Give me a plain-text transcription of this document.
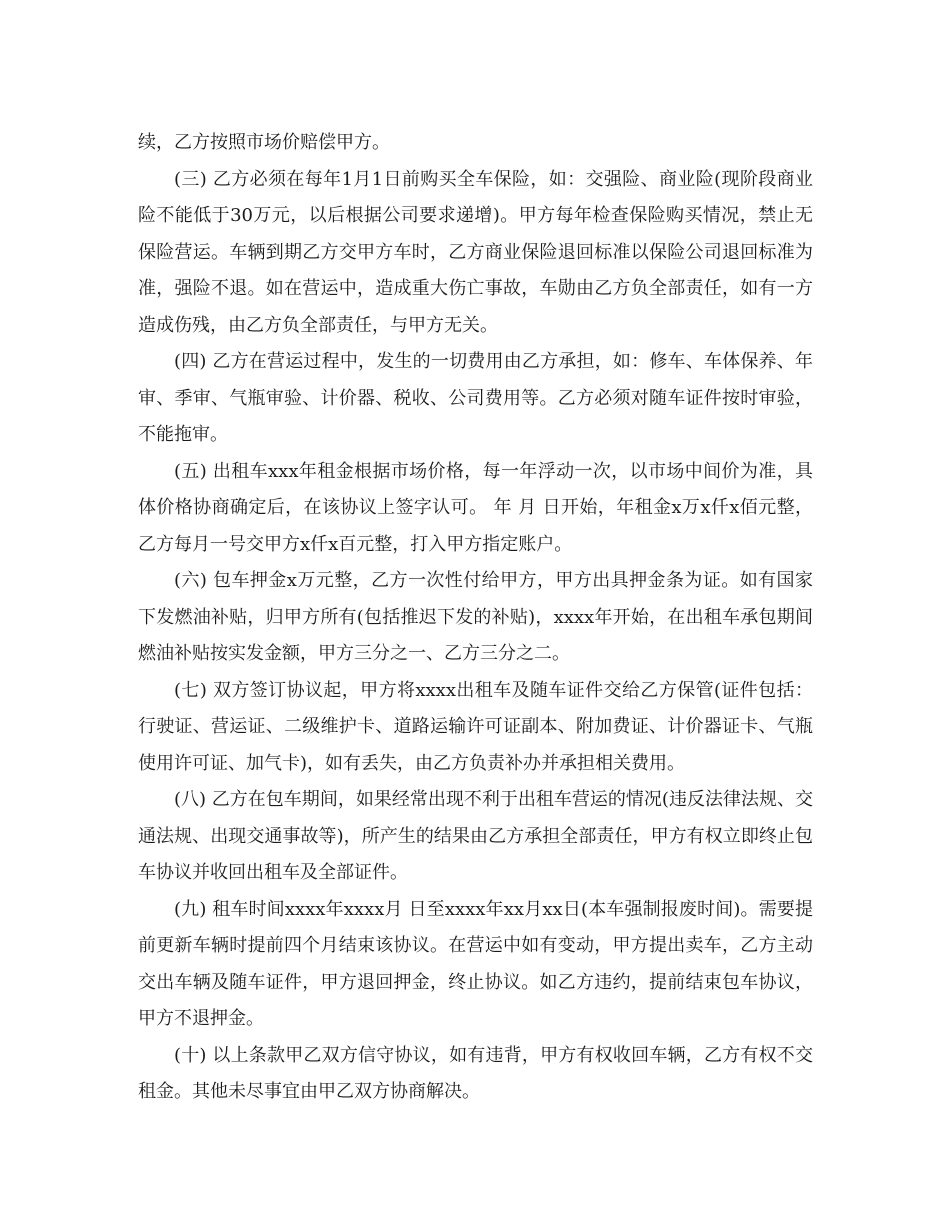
续，乙方按照市场价赔偿甲方。

(三) 乙方必须在每年1月1日前购买全车保险，如：交强险、商业险(现阶段商业险不能低于30万元，以后根据公司要求递增)。甲方每年检查保险购买情况，禁止无保险营运。车辆到期乙方交甲方车时，乙方商业保险退回标准以保险公司退回标准为准，强险不退。如在营运中，造成重大伤亡事故，车勋由乙方负全部责任，如有一方造成伤残，由乙方负全部责任，与甲方无关。

(四) 乙方在营运过程中，发生的一切费用由乙方承担，如：修车、车体保养、年审、季审、气瓶审验、计价器、税收、公司费用等。乙方必须对随车证件按时审验，不能拖审。

(五) 出租车xxx年租金根据市场价格，每一年浮动一次，以市场中间价为准，具体价格协商确定后，在该协议上签字认可。 年 月 日开始，年租金x万x仟x佰元整，乙方每月一号交甲方x仟x百元整，打入甲方指定账户。

(六) 包车押金x万元整，乙方一次性付给甲方，甲方出具押金条为证。如有国家下发燃油补贴，归甲方所有(包括推迟下发的补贴)，xxxx年开始，在出租车承包期间燃油补贴按实发金额，甲方三分之一、乙方三分之二。

(七) 双方签订协议起，甲方将xxxx出租车及随车证件交给乙方保管(证件包括：行驶证、营运证、二级维护卡、道路运输许可证副本、附加费证、计价器证卡、气瓶使用许可证、加气卡)，如有丢失，由乙方负责补办并承担相关费用。

(八) 乙方在包车期间，如果经常出现不利于出租车营运的情况(违反法律法规、交通法规、出现交通事故等)，所产生的结果由乙方承担全部责任，甲方有权立即终止包车协议并收回出租车及全部证件。

(九) 租车时间xxxx年xxxx月 日至xxxx年xx月xx日(本车强制报废时间)。需要提前更新车辆时提前四个月结束该协议。在营运中如有变动，甲方提出卖车，乙方主动交出车辆及随车证件，甲方退回押金，终止协议。如乙方违约，提前结束包车协议，甲方不退押金。

(十) 以上条款甲乙双方信守协议，如有违背，甲方有权收回车辆，乙方有权不交租金。其他未尽事宜由甲乙双方协商解决。
